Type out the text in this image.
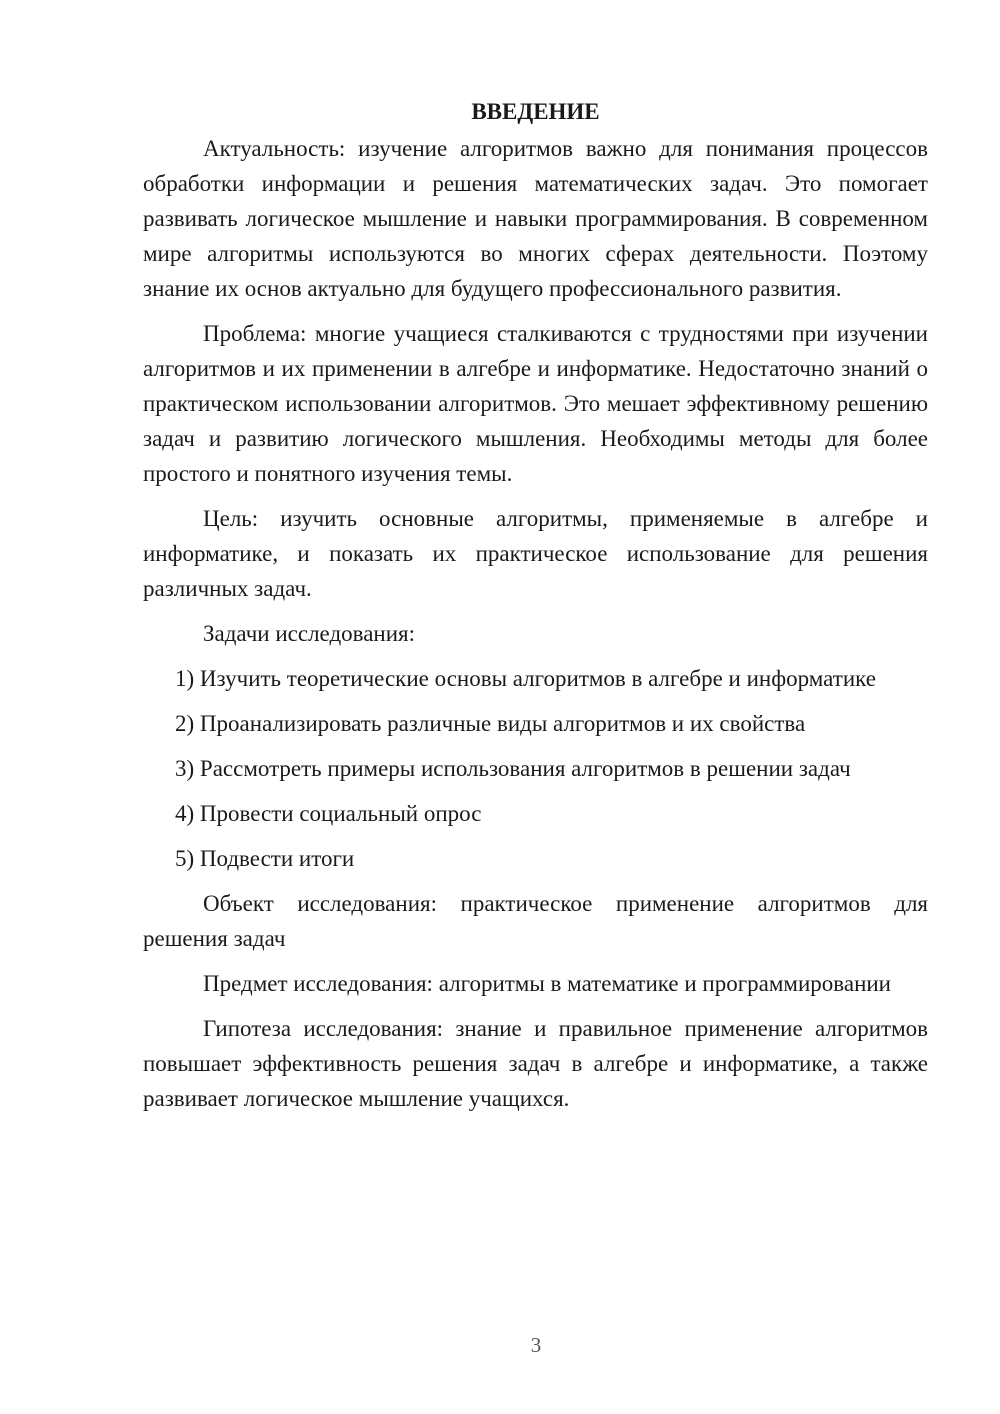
ВВЕДЕНИЕ

Актуальность: изучение алгоритмов важно для понимания процессов обработки информации и решения математических задач. Это помогает развивать логическое мышление и навыки программирования. В современном мире алгоритмы используются во многих сферах деятельности. Поэтому знание их основ актуально для будущего профессионального развития.

Проблема: многие учащиеся сталкиваются с трудностями при изучении алгоритмов и их применении в алгебре и информатике. Недостаточно знаний о практическом использовании алгоритмов. Это мешает эффективному решению задач и развитию логического мышления. Необходимы методы для более простого и понятного изучения темы.

Цель: изучить основные алгоритмы, применяемые в алгебре и информатике, и показать их практическое использование для решения различных задач.

Задачи исследования:

1) Изучить теоретические основы алгоритмов в алгебре и информатике

2) Проанализировать различные виды алгоритмов и их свойства

3) Рассмотреть примеры использования алгоритмов в решении задач

4) Провести социальный опрос

5) Подвести итоги

Объект исследования: практическое применение алгоритмов для решения задач

Предмет исследования: алгоритмы в математике и программировании

Гипотеза исследования: знание и правильное применение алгоритмов повышает эффективность решения задач в алгебре и информатике, а также развивает логическое мышление учащихся.

3
